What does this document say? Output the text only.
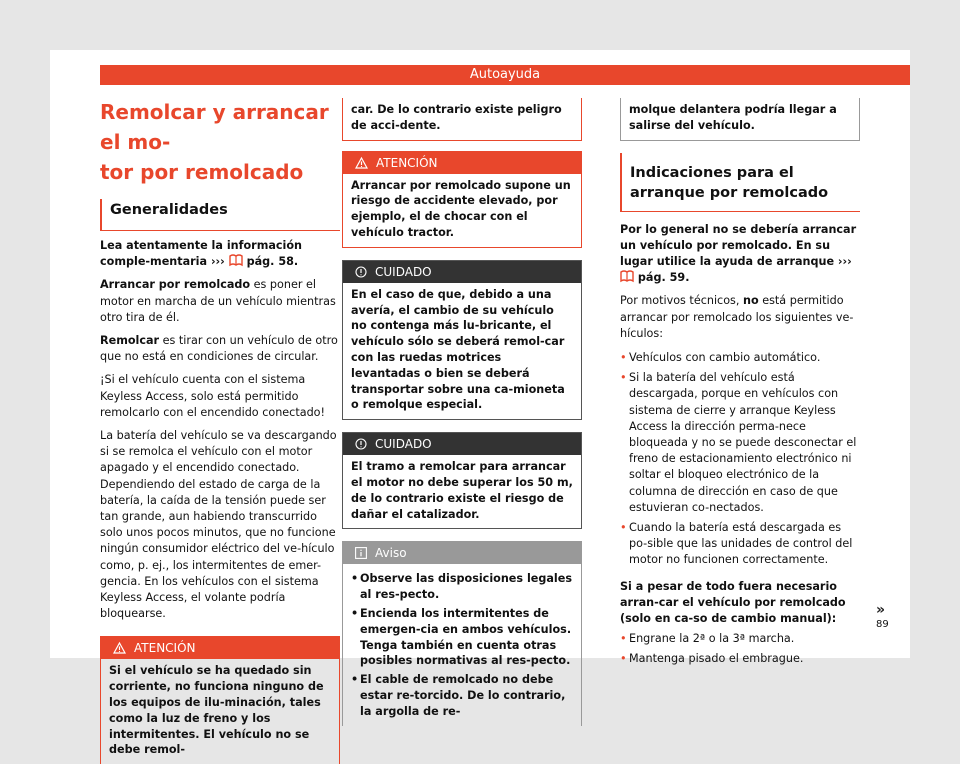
Autoayuda
Remolcar y arrancar el mo-
tor por remolcado
Generalidades

Lea atentamente la información comple-mentaria ››› pág. 58.

Arrancar por remolcado es poner el motor en marcha de un vehículo mientras otro tira de él.

Remolcar es tirar con un vehículo de otro que no está en condiciones de circular.

¡Si el vehículo cuenta con el sistema Keyless Access, solo está permitido remolcarlo con el encendido conectado!

La batería del vehículo se va descargando si se remolca el vehículo con el motor apagado y el encendido conectado. Dependiendo del estado de carga de la batería, la caída de la tensión puede ser tan grande, aun habiendo transcurrido solo unos pocos minutos, que no funcione ningún consumidor eléctrico del ve-hículo como, p. ej., los intermitentes de emer-gencia. En los vehículos con el sistema Keyless Access, el volante podría bloquearse.

ATENCIÓN
Si el vehículo se ha quedado sin corriente, no funciona ninguno de los equipos de ilu-minación, tales como la luz de freno y los intermitentes. El vehículo no se debe remol-
car. De lo contrario existe peligro de acci-dente.
ATENCIÓN
Arrancar por remolcado supone un riesgo de accidente elevado, por ejemplo, el de chocar con el vehículo tractor.
CUIDADO
En el caso de que, debido a una avería, el cambio de su vehículo no contenga más lu-bricante, el vehículo sólo se deberá remol-car con las ruedas motrices levantadas o bien se deberá transportar sobre una ca-mioneta o remolque especial.
CUIDADO
El tramo a remolcar para arrancar el motor no debe superar los 50 m, de lo contrario existe el riesgo de dañar el catalizador.
Aviso
• Observe las disposiciones legales al res-pecto.
• Encienda los intermitentes de emergen-cia en ambos vehículos. Tenga también en cuenta otras posibles normativas al res-pecto.
• El cable de remolcado no debe estar re-torcido. De lo contrario, la argolla de re-
molque delantera podría llegar a salirse del vehículo.
Indicaciones para el arranque por remolcado

Por lo general no se debería arrancar un vehículo por remolcado. En su lugar utilice la ayuda de arranque ›››  pág. 59.

Por motivos técnicos, no está permitido arrancar por remolcado los siguientes ve-hículos:

• Vehículos con cambio automático.
• Si la batería del vehículo está descargada, porque en vehículos con sistema de cierre y arranque Keyless Access la dirección perma-nece bloqueada y no se puede desconectar el freno de estacionamiento electrónico ni soltar el bloqueo electrónico de la columna de dirección en caso de que estuvieran co-nectados.
• Cuando la batería está descargada es po-sible que las unidades de control del motor no funcionen correctamente.

Si a pesar de todo fuera necesario arran-car el vehículo por remolcado (solo en ca-so de cambio manual):

• Engrane la 2ª o la 3ª marcha.
• Mantenga pisado el embrague.
»
89
